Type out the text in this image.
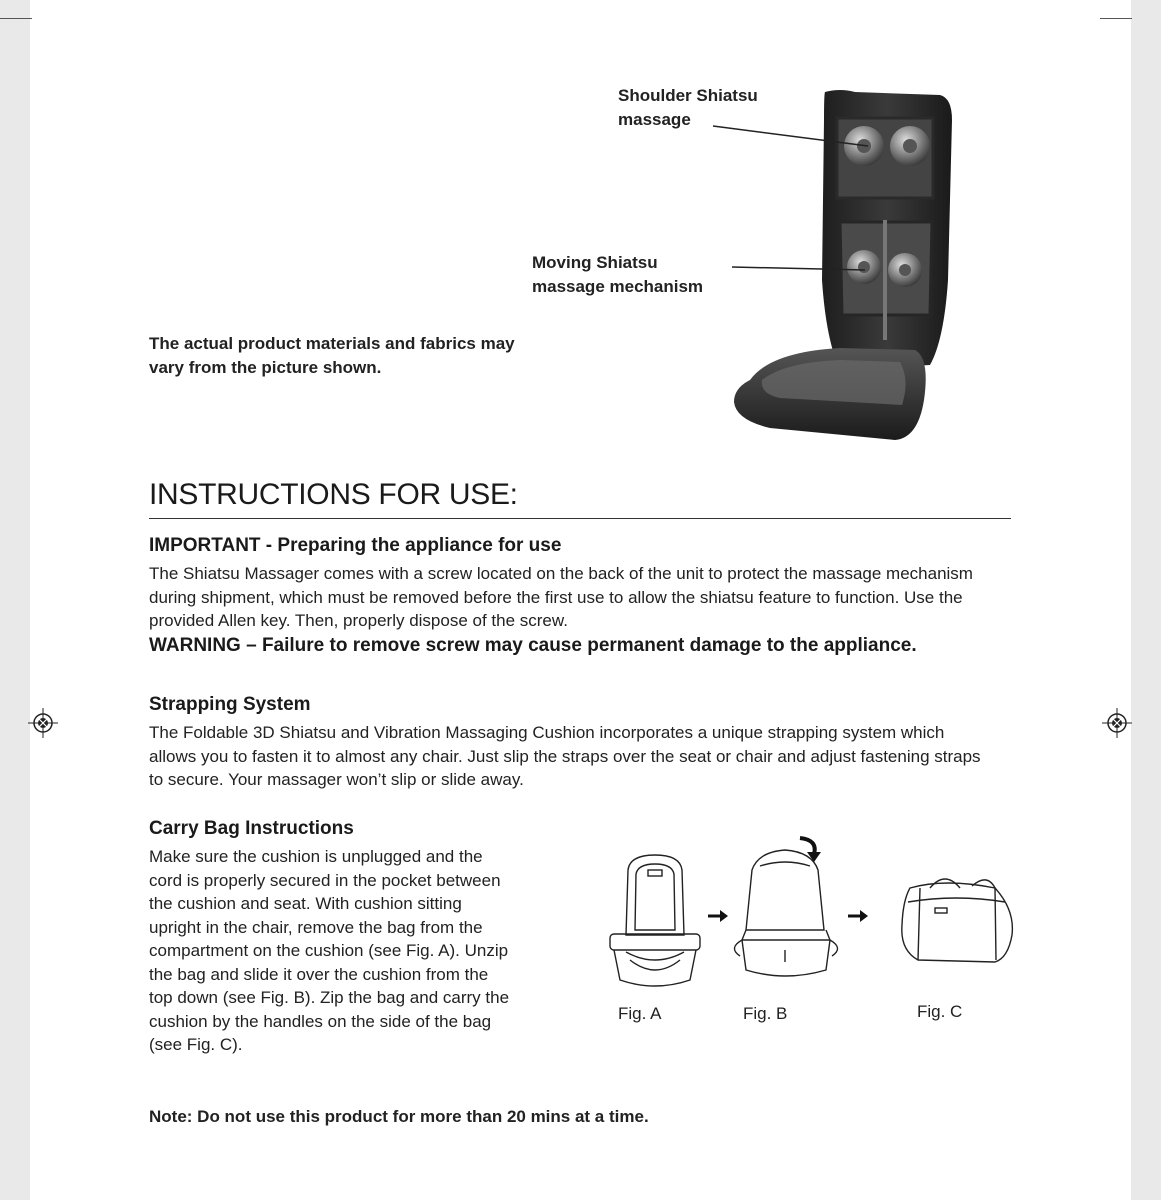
Shoulder Shiatsu
massage
Moving Shiatsu
massage mechanism
The actual product materials and fabrics may
vary from the picture shown.
INSTRUCTIONS FOR USE:
IMPORTANT - Preparing the appliance for use
The Shiatsu Massager comes with a screw located on the back of the unit to protect the massage mechanism
during shipment, which must be removed before the first use to allow the shiatsu feature to function. Use the
provided Allen key. Then, properly dispose of the screw.
WARNING – Failure to remove screw may cause permanent damage to the appliance.
Strapping System
The Foldable 3D Shiatsu and Vibration Massaging Cushion incorporates a unique strapping system which
allows you to fasten it to almost any chair. Just slip the straps over the seat or chair and adjust fastening straps
to secure. Your massager won’t slip or slide away.
Carry Bag Instructions
Make sure the cushion is unplugged and the
cord is properly secured in the pocket between
the cushion and seat. With cushion sitting
upright in the chair, remove the bag from the
compartment on the cushion (see Fig. A). Unzip
the bag and slide it over the cushion from the
top down (see Fig. B). Zip the bag and carry the
cushion by the handles on the side of the bag
(see Fig. C).
Fig. A	Fig. B	Fig. C
Note: Do not use this product for more than 20 mins at a time.
